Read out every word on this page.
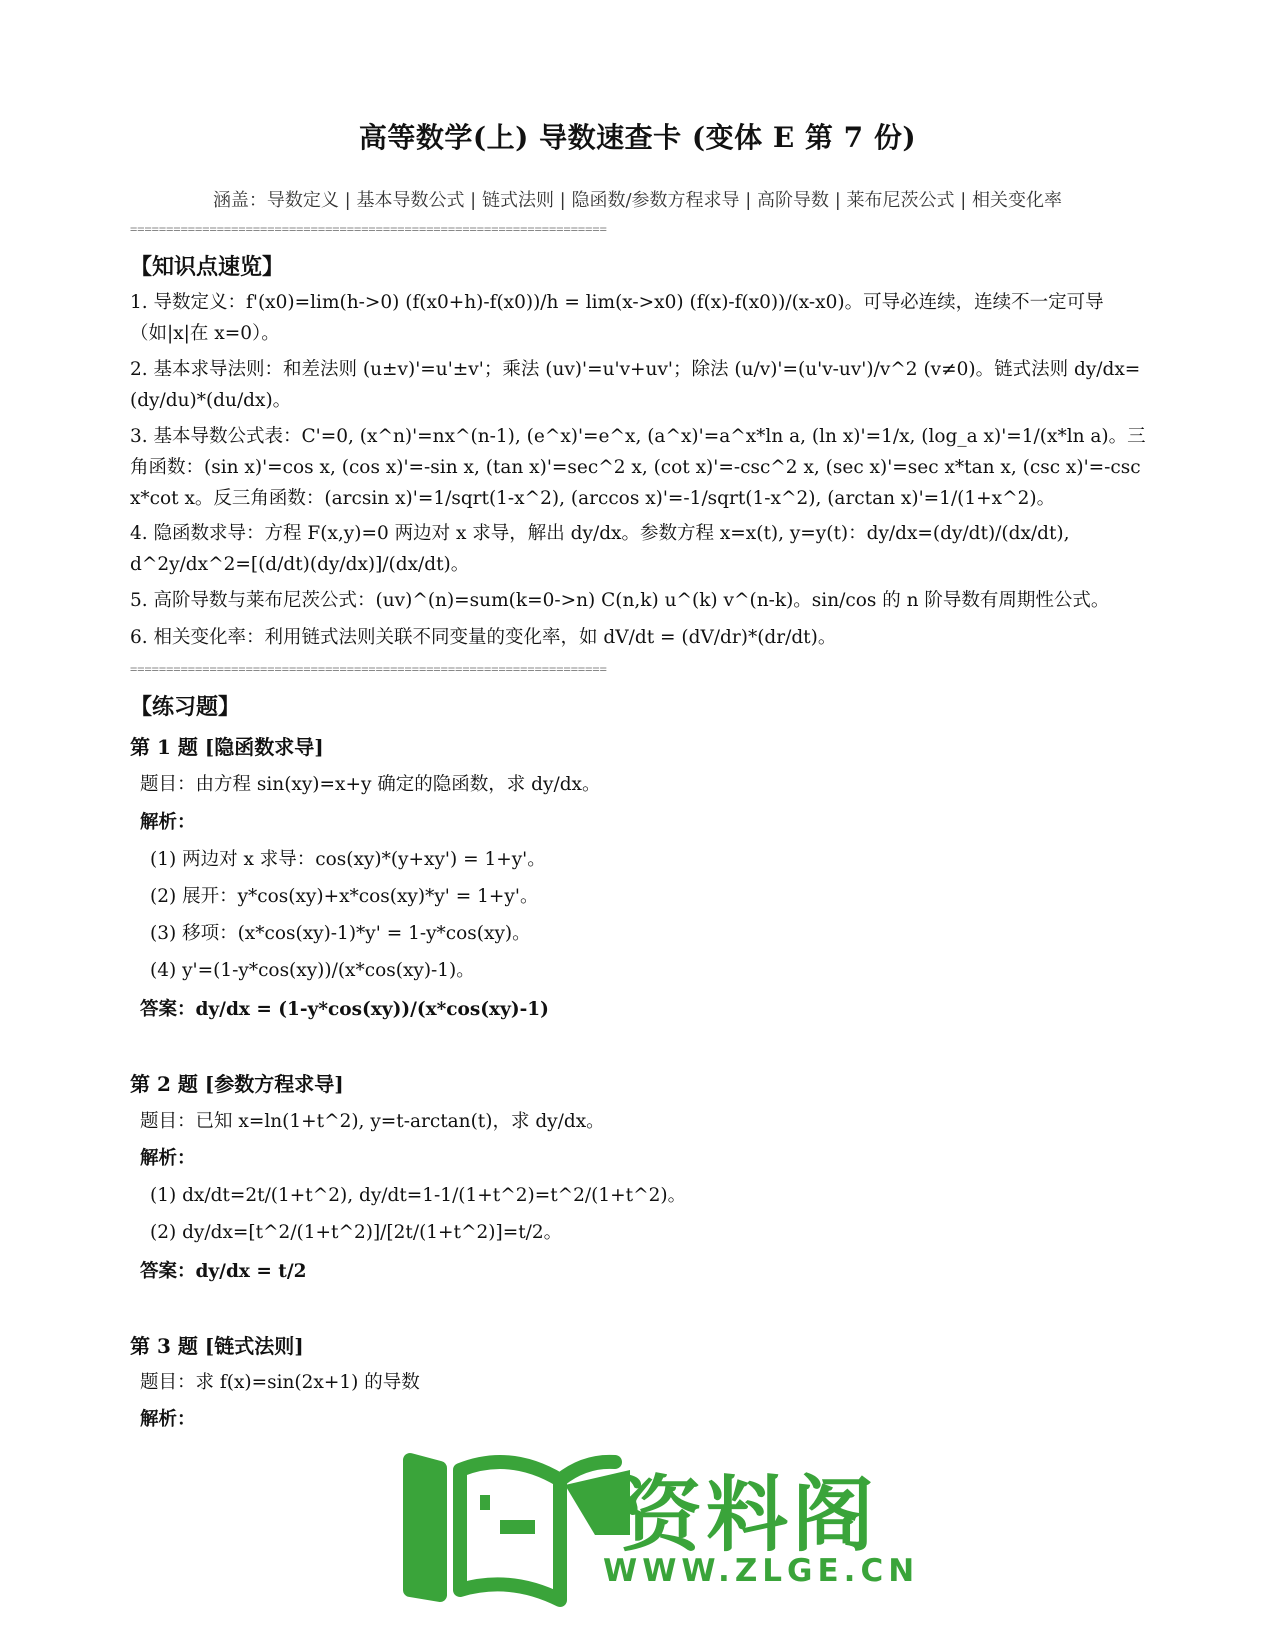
高等数学(上) 导数速查卡 (变体 E 第 7 份)
涵盖：导数定义 | 基本导数公式 | 链式法则 | 隐函数/参数方程求导 | 高阶导数 | 莱布尼茨公式 | 相关变化率
==================================================================
【知识点速览】
1. 导数定义：f'(x0)=lim(h->0) (f(x0+h)-f(x0))/h = lim(x->x0) (f(x)-f(x0))/(x-x0)。可导必连续，连续不一定可导（如|x|在 x=0）。
2. 基本求导法则：和差法则 (u±v)'=u'±v'；乘法 (uv)'=u'v+uv'；除法 (u/v)'=(u'v-uv')/v^2 (v≠0)。链式法则 dy/dx=(dy/du)*(du/dx)。
3. 基本导数公式表：C'=0, (x^n)'=nx^(n-1), (e^x)'=e^x, (a^x)'=a^x*ln a, (ln x)'=1/x, (log_a x)'=1/(x*ln a)。三角函数：(sin x)'=cos x, (cos x)'=-sin x, (tan x)'=sec^2 x, (cot x)'=-csc^2 x, (sec x)'=sec x*tan x, (csc x)'=-csc x*cot x。反三角函数：(arcsin x)'=1/sqrt(1-x^2), (arccos x)'=-1/sqrt(1-x^2), (arctan x)'=1/(1+x^2)。
4. 隐函数求导：方程 F(x,y)=0 两边对 x 求导，解出 dy/dx。参数方程 x=x(t), y=y(t)：dy/dx=(dy/dt)/(dx/dt), d^2y/dx^2=[(d/dt)(dy/dx)]/(dx/dt)。
5. 高阶导数与莱布尼茨公式：(uv)^(n)=sum(k=0->n) C(n,k) u^(k) v^(n-k)。sin/cos 的 n 阶导数有周期性公式。
6. 相关变化率：利用链式法则关联不同变量的变化率，如 dV/dt = (dV/dr)*(dr/dt)。
==================================================================
【练习题】
第 1 题 [隐函数求导]
题目：由方程 sin(xy)=x+y 确定的隐函数，求 dy/dx。
解析：
(1) 两边对 x 求导：cos(xy)*(y+xy') = 1+y'。
(2) 展开：y*cos(xy)+x*cos(xy)*y' = 1+y'。
(3) 移项：(x*cos(xy)-1)*y' = 1-y*cos(xy)。
(4) y'=(1-y*cos(xy))/(x*cos(xy)-1)。
答案：dy/dx = (1-y*cos(xy))/(x*cos(xy)-1)
第 2 题 [参数方程求导]
题目：已知 x=ln(1+t^2), y=t-arctan(t)，求 dy/dx。
解析：
(1) dx/dt=2t/(1+t^2), dy/dt=1-1/(1+t^2)=t^2/(1+t^2)。
(2) dy/dx=[t^2/(1+t^2)]/[2t/(1+t^2)]=t/2。
答案：dy/dx = t/2
第 3 题 [链式法则]
题目：求 f(x)=sin(2x+1) 的导数
解析：
资料阁
WWW.ZLGE.CN
